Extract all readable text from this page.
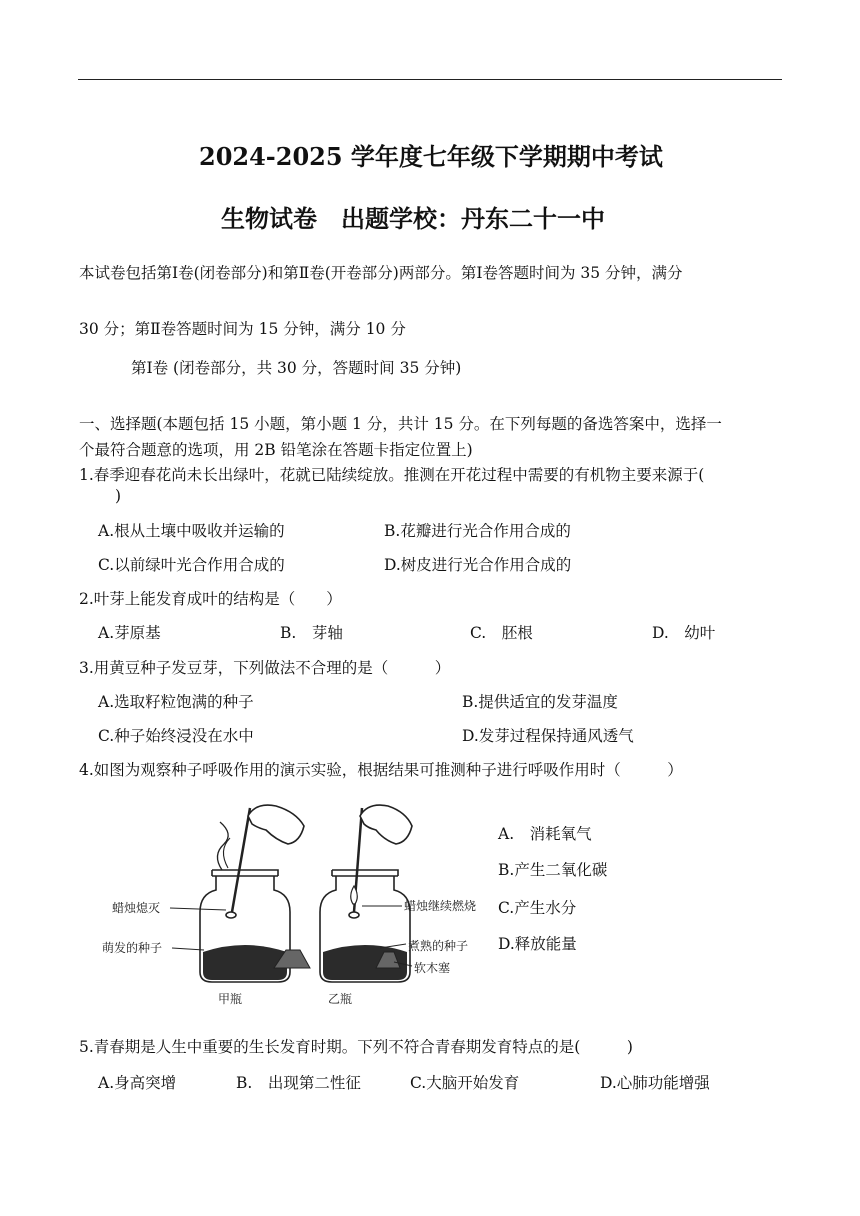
2024-2025 学年度七年级下学期期中考试
生物试卷　出题学校：丹东二十一中
本试卷包括第Ⅰ卷(闭卷部分)和第Ⅱ卷(开卷部分)两部分。第Ⅰ卷答题时间为 35 分钟，满分
30 分；第Ⅱ卷答题时间为 15 分钟，满分 10 分
第Ⅰ卷 (闭卷部分，共 30 分，答题时间 35 分钟)
一、选择题(本题包括 15 小题，第小题 1 分，共计 15 分。在下列每题的备选答案中，选择一
个最符合题意的选项，用 2B 铅笔涂在答题卡指定位置上)
1.春季迎春花尚未长出绿叶，花就已陆续绽放。推测在开花过程中需要的有机物主要来源于(
)
A.根从土壤中吸收并运输的	B.花瓣进行光合作用合成的
C.以前绿叶光合作用合成的	D.树皮进行光合作用合成的
2.叶芽上能发育成叶的结构是（　　）
A.芽原基	B.　芽轴	C.　胚根	D.　幼叶
3.用黄豆种子发豆芽，下列做法不合理的是（　　　）
A.选取籽粒饱满的种子	B.提供适宜的发芽温度
C.种子始终浸没在水中	D.发芽过程保持通风透气
4.如图为观察种子呼吸作用的演示实验，根据结果可推测种子进行呼吸作用时（　　　）
蜡烛熄灭
萌发的种子
甲瓶
蜡烛继续燃烧
煮熟的种子
软木塞
乙瓶
A.　消耗氧气
B.产生二氧化碳
C.产生水分
D.释放能量
5.青春期是人生中重要的生长发育时期。下列不符合青春期发育特点的是(　　　)
A.身高突增	B.　出现第二性征	C.大脑开始发育	D.心肺功能增强
